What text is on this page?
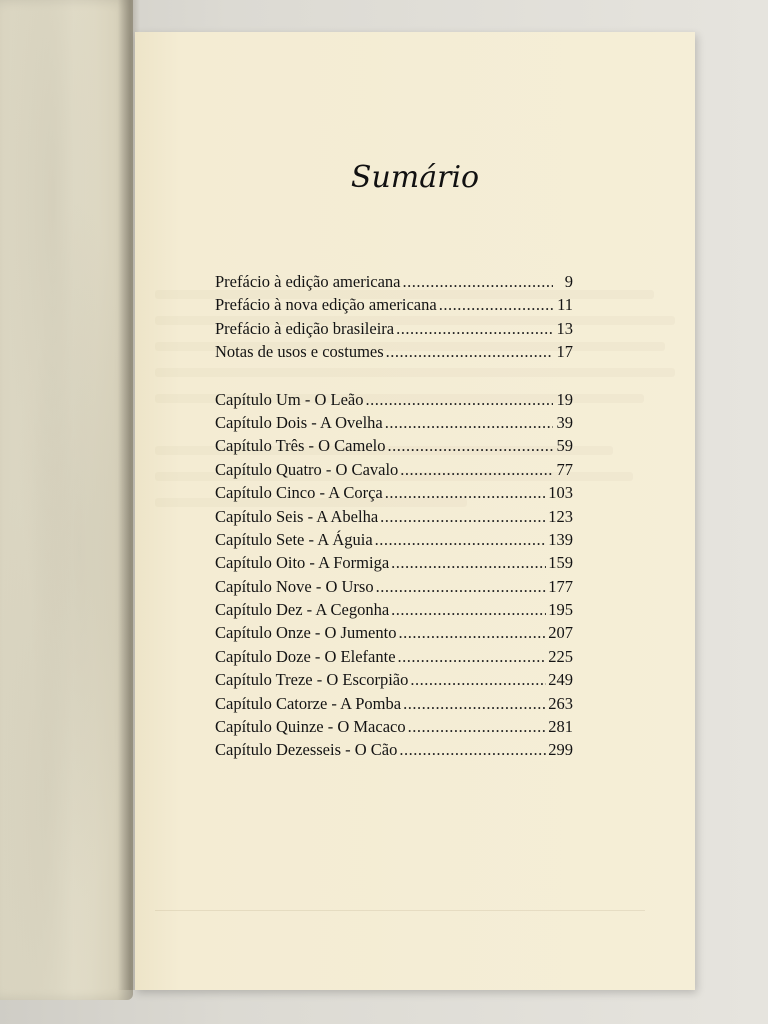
Sumário
Prefácio à edição americana .....	9
Prefácio à nova edição americana .....	11
Prefácio à edição brasileira .....	13
Notas de usos e costumes .....	17
Capítulo Um - O Leão .....	19
Capítulo Dois - A Ovelha .....	39
Capítulo Três - O Camelo .....	59
Capítulo Quatro - O Cavalo .....	77
Capítulo Cinco - A Corça .....	103
Capítulo Seis - A Abelha .....	123
Capítulo Sete - A Águia .....	139
Capítulo Oito - A Formiga .....	159
Capítulo Nove - O Urso .....	177
Capítulo Dez - A Cegonha .....	195
Capítulo Onze - O Jumento .....	207
Capítulo Doze - O Elefante .....	225
Capítulo Treze - O Escorpião .....	249
Capítulo Catorze - A Pomba .....	263
Capítulo Quinze - O Macaco .....	281
Capítulo Dezesseis - O Cão .....	299
